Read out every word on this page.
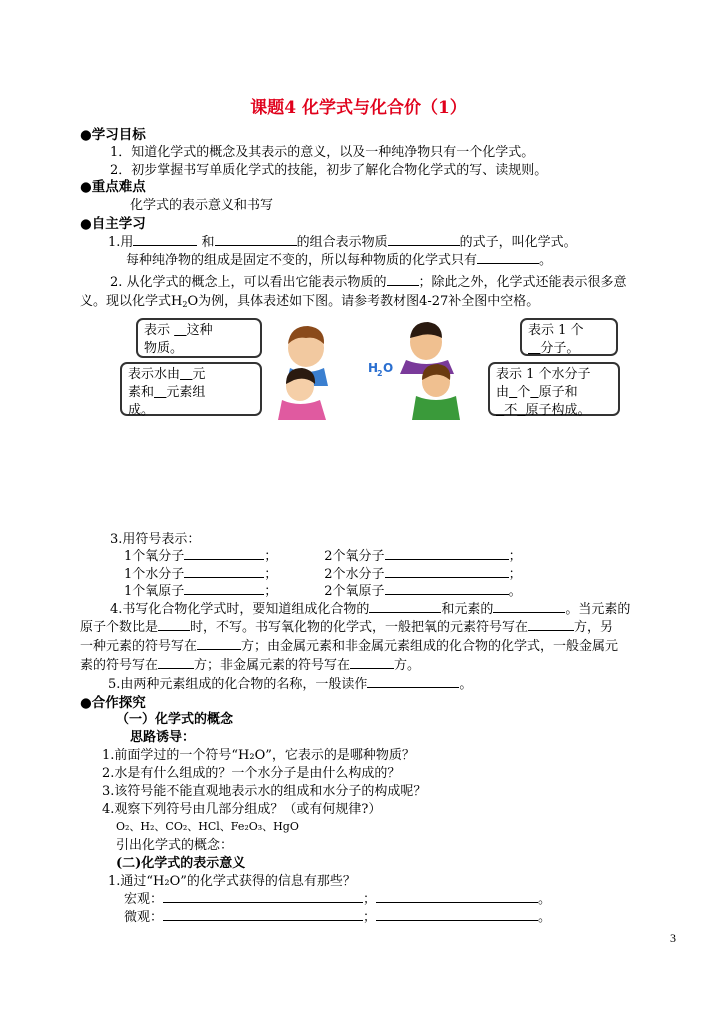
课题4 化学式与化合价（1）
●学习目标
1．知道化学式的概念及其表示的意义，以及一种纯净物只有一个化学式。
2．初步掌握书写单质化学式的技能，初步了解化合物化学式的写、读规则。
●重点难点
化学式的表示意义和书写
●自主学习
1.用	和	的组合表示物质	的式子，叫化学式。
每种纯净物的组成是固定不变的，所以每种物质的化学式只有	。
2. 从化学式的概念上，可以看出它能表示物质的 ；除此之外，化学式还能表示很多意
义。现以化学式$H_2O$为例，具体表述如下图。请参考教材图4-27补全图中空格。
H
2 O
表示 这种
物质。
表示 1 个
分子。
表示水由 元
素和 元素组
成。
表示 1 个水分子
由 个 原子和
不 原子构成。
3.用符号表示：
1个氧分子	；	2个氧分子	；
1个水分子	；	2个水分子	；
1个氧原子	；	2个氧原子	。
4.书写化合物化学式时，要知道组成化合物的	和元素的	。当元素的
原子个数比是 时，不写。书写氧化物的化学式，一般把氧的元素符号写在	方，另
一种元素的符号写在	方；由金属元素和非金属元素组成的化合物的化学式，一般金属元
素的符号写在	方；非金属元素的符号写在	方。
5.由两种元素组成的化合物的名称，一般读作	。
●合作探究
（一）化学式的概念
思路诱导：
1.前面学过的一个符号“H₂O”，它表示的是哪种物质？
2.水是有什么组成的？一个水分子是由什么构成的？
3.该符号能不能直观地表示水的组成和水分子的构成呢？
4.观察下列符号由几部分组成？（或有何规律?）
O₂、H₂、CO₂、HCl、Fe₂O₃、HgO
引出化学式的概念：
(二)化学式的表示意义
1.通过“H₂O”的化学式获得的信息有那些？
宏观：	；	。
微观：	；	。
3
